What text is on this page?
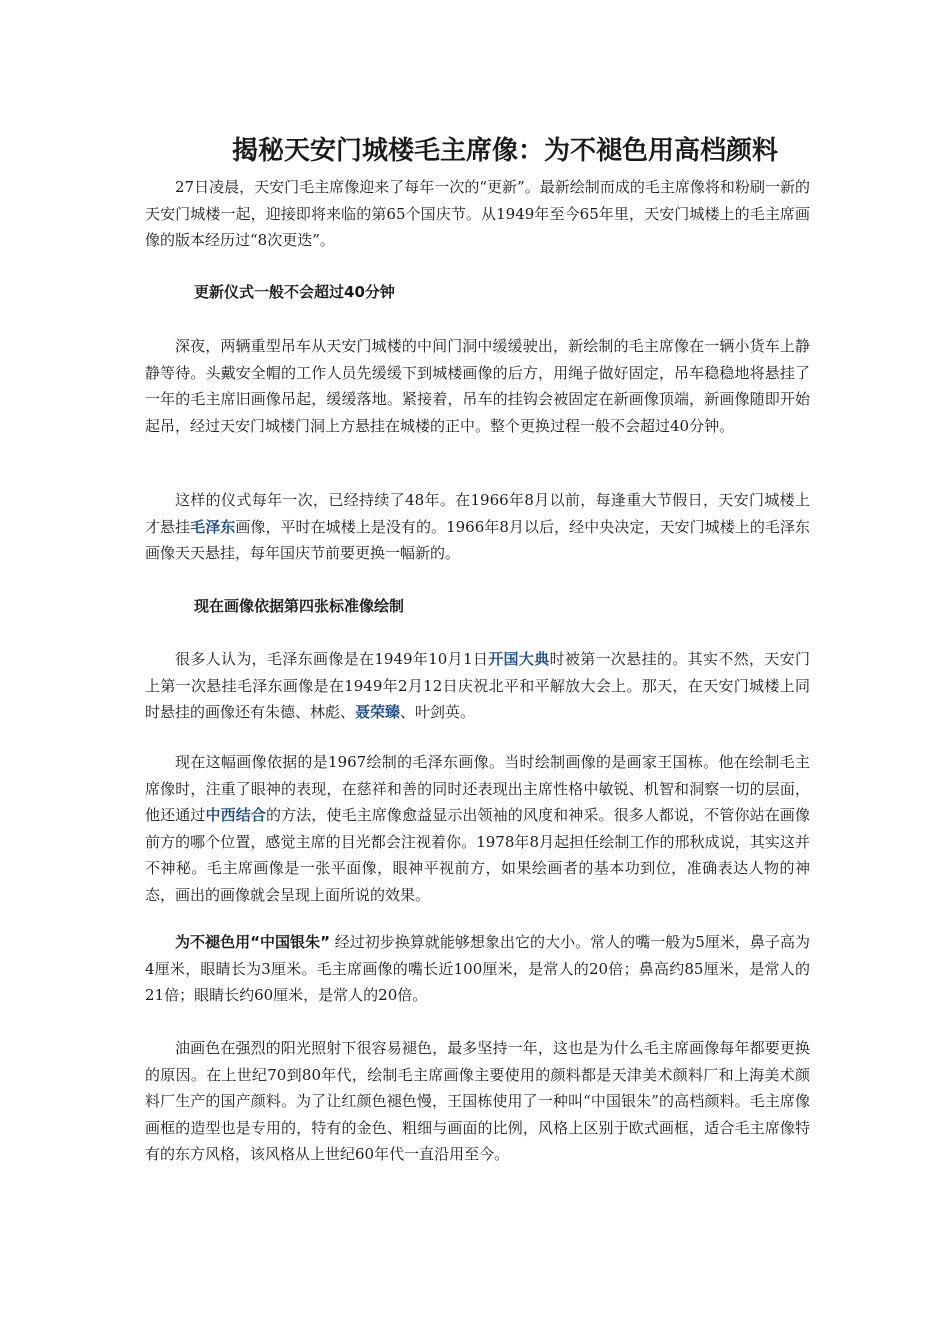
揭秘天安门城楼毛主席像：为不褪色用高档颜料

27日凌晨，天安门毛主席像迎来了每年一次的“更新”。最新绘制而成的毛主席像将和粉刷一新的天安门城楼一起，迎接即将来临的第65个国庆节。从1949年至今65年里，天安门城楼上的毛主席画像的版本经历过“8次更迭”。

更新仪式一般不会超过40分钟

深夜，两辆重型吊车从天安门城楼的中间门洞中缓缓驶出，新绘制的毛主席像在一辆小货车上静静等待。头戴安全帽的工作人员先缓缓下到城楼画像的后方，用绳子做好固定，吊车稳稳地将悬挂了一年的毛主席旧画像吊起，缓缓落地。紧接着，吊车的挂钩会被固定在新画像顶端，新画像随即开始起吊，经过天安门城楼门洞上方悬挂在城楼的正中。整个更换过程一般不会超过40分钟。

这样的仪式每年一次，已经持续了48年。在1966年8月以前，每逢重大节假日，天安门城楼上才悬挂毛泽东画像，平时在城楼上是没有的。1966年8月以后，经中央决定，天安门城楼上的毛泽东画像天天悬挂，每年国庆节前要更换一幅新的。

现在画像依据第四张标准像绘制

很多人认为，毛泽东画像是在1949年10月1日开国大典时被第一次悬挂的。其实不然，天安门上第一次悬挂毛泽东画像是在1949年2月12日庆祝北平和平解放大会上。那天，在天安门城楼上同时悬挂的画像还有朱德、林彪、聂荣臻、叶剑英。

现在这幅画像依据的是1967绘制的毛泽东画像。当时绘制画像的是画家王国栋。他在绘制毛主席像时，注重了眼神的表现，在慈祥和善的同时还表现出主席性格中敏锐、机智和洞察一切的层面，他还通过中西结合的方法，使毛主席像愈益显示出领袖的风度和神采。很多人都说，不管你站在画像前方的哪个位置，感觉主席的目光都会注视着你。1978年8月起担任绘制工作的邢秋成说，其实这并不神秘。毛主席画像是一张平面像，眼神平视前方，如果绘画者的基本功到位，准确表达人物的神态，画出的画像就会呈现上面所说的效果。

为不褪色用“中国银朱” 经过初步换算就能够想象出它的大小。常人的嘴一般为5厘米，鼻子高为4厘米，眼睛长为3厘米。毛主席画像的嘴长近100厘米，是常人的20倍；鼻高约85厘米，是常人的21倍；眼睛长约60厘米，是常人的20倍。

油画色在强烈的阳光照射下很容易褪色，最多坚持一年，这也是为什么毛主席画像每年都要更换的原因。在上世纪70到80年代，绘制毛主席画像主要使用的颜料都是天津美术颜料厂和上海美术颜料厂生产的国产颜料。为了让红颜色褪色慢，王国栋使用了一种叫“中国银朱”的高档颜料。毛主席像画框的造型也是专用的，特有的金色、粗细与画面的比例，风格上区别于欧式画框，适合毛主席像特有的东方风格，该风格从上世纪60年代一直沿用至今。
